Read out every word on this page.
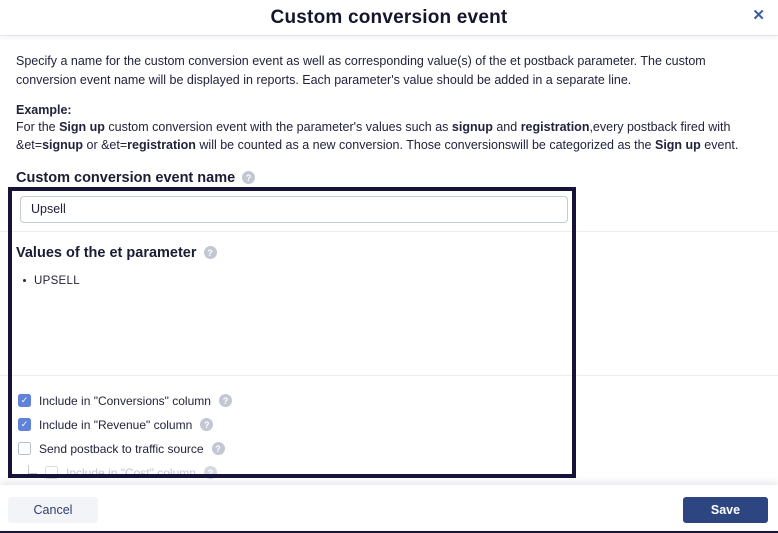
Custom conversion event	✕
Specify a name for the custom conversion event as well as corresponding value(s) of the et postback parameter. The custom conversion event name will be displayed in reports. Each parameter's value should be added in a separate line.
Example:
For the Sign up custom conversion event with the parameter's values such as signup and registration,every postback fired with &et=signup or &et=registration will be counted as a new conversion. Those conversionswill be categorized as the Sign up event.
Custom conversion event name	?
Upsell
Values of the et parameter	?
UPSELL
✓ Include in "Conversions" column	?
✓ Include in "Revenue" column	?
Send postback to traffic source	?
Include in "Cost" column	?
Cancel	Save
